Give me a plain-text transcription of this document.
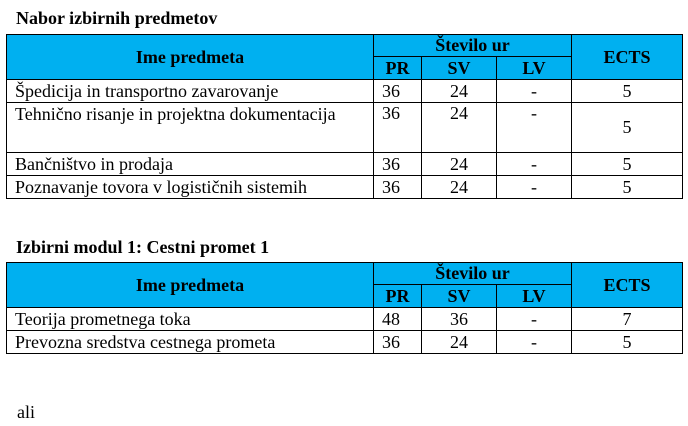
Nabor izbirnih predmetov
Ime predmeta	Število ur			ECTS
	PR	SV	LV	
Špedicija in transportno zavarovanje	36	24	-	5
Tehnično risanje in projektna dokumentacija	36	24	-	5
Bančništvo in prodaja	36	24	-	5
Poznavanje tovora v logističnih sistemih	36	24	-	5
Izbirni modul 1: Cestni promet 1
Ime predmeta	Število ur			ECTS
	PR	SV	LV	
Teorija prometnega toka	48	36	-	7
Prevozna sredstva cestnega prometa	36	24	-	5
ali
